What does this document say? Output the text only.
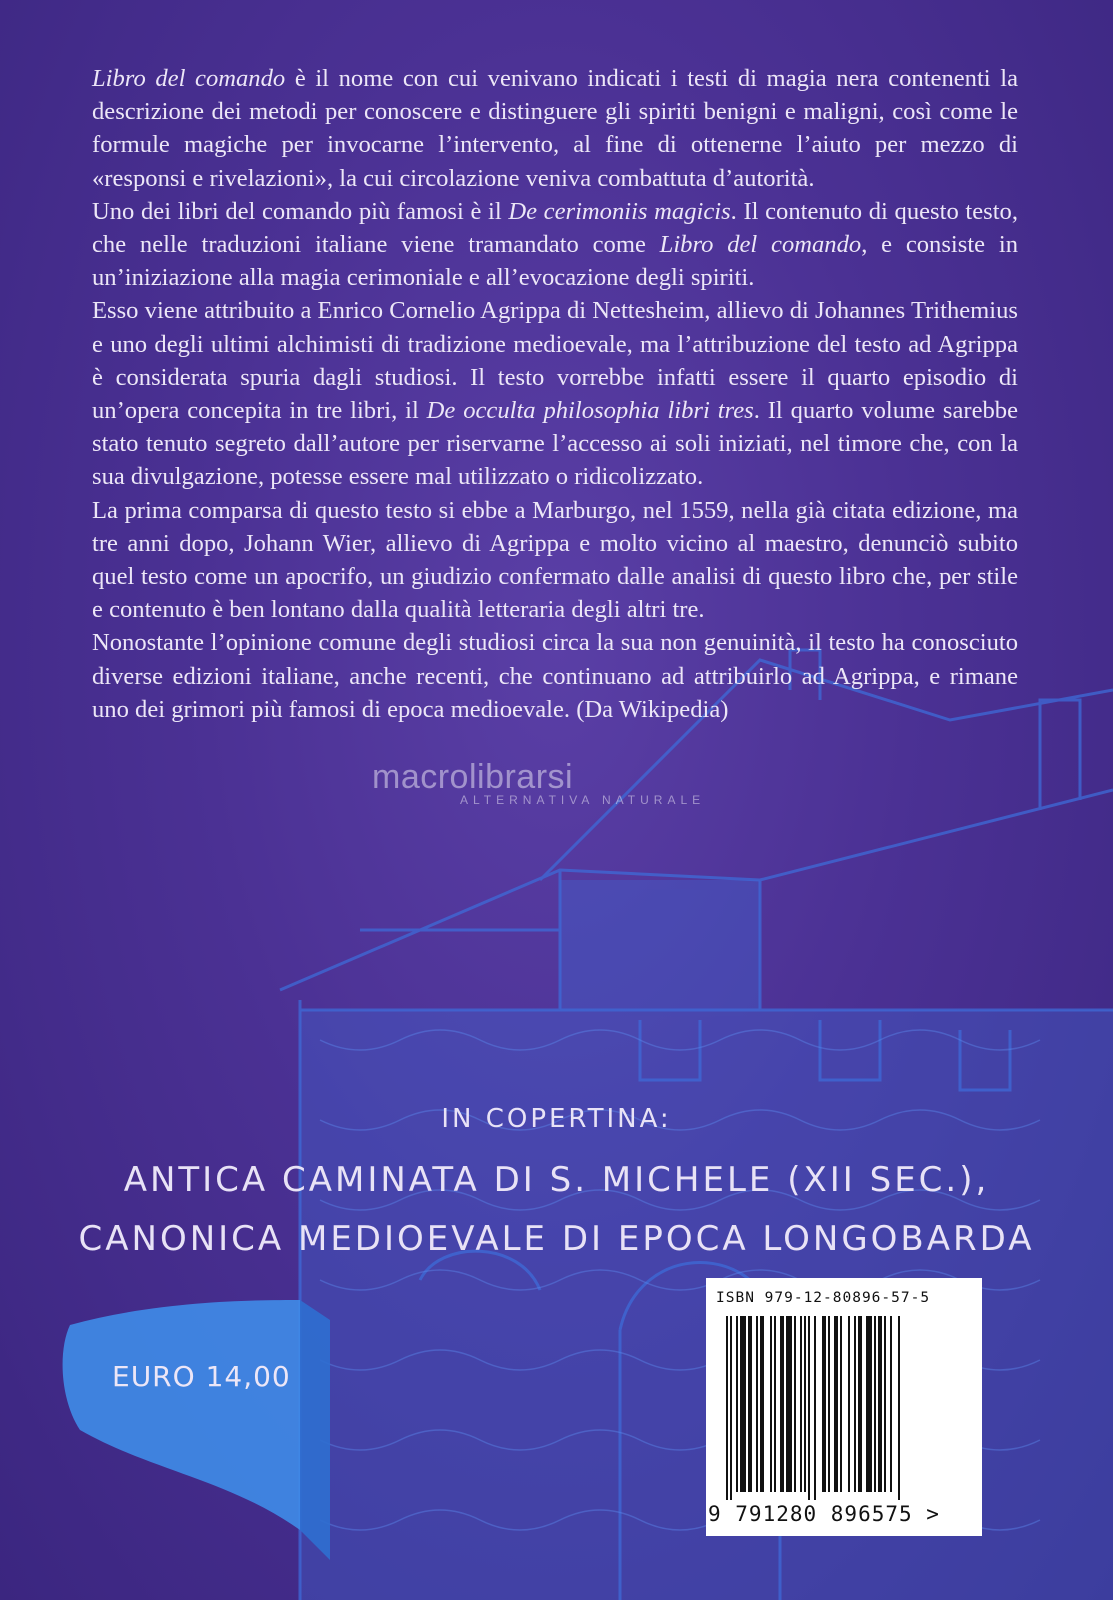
Libro del comando è il nome con cui venivano indicati i testi di magia nera contenenti la descrizione dei metodi per conoscere e distinguere gli spiriti benigni e maligni, così come le formule magiche per invocarne l’intervento, al fine di ottenerne l’aiuto per mezzo di «responsi e rivelazioni», la cui circolazione veniva combattuta d’autorità.

Uno dei libri del comando più famosi è il De cerimoniis magicis. Il contenuto di questo testo, che nelle traduzioni italiane viene tramandato come Libro del comando, e consiste in un’iniziazione alla magia cerimoniale e all’evocazione degli spiriti.

Esso viene attribuito a Enrico Cornelio Agrippa di Nettesheim, allievo di Johannes Trithemius e uno degli ultimi alchimisti di tradizione medioevale, ma l’attribuzione del testo ad Agrippa è considerata spuria dagli studiosi. Il testo vorrebbe infatti essere il quarto episodio di un’opera concepita in tre libri, il De occulta philosophia libri tres. Il quarto volume sarebbe stato tenuto segreto dall’autore per riservarne l’accesso ai soli iniziati, nel timore che, con la sua divulgazione, potesse essere mal utilizzato o ridicolizzato.

La prima comparsa di questo testo si ebbe a Marburgo, nel 1559, nella già citata edizione, ma tre anni dopo, Johann Wier, allievo di Agrippa e molto vicino al maestro, denunciò subito quel testo come un apocrifo, un giudizio confermato dalle analisi di questo libro che, per stile e contenuto è ben lontano dalla qualità letteraria degli altri tre.

Nonostante l’opinione comune degli studiosi circa la sua non genuinità, il testo ha conosciuto diverse edizioni italiane, anche recenti, che continuano ad attribuirlo ad Agrippa, e rimane uno dei grimori più famosi di epoca medioevale. (Da Wikipedia)

macrolibrarsi
ALTERNATIVA NATURALE
IN COPERTINA:
ANTICA CAMINATA DI S. MICHELE (XII SEC.),
CANONICA MEDIOEVALE DI EPOCA LONGOBARDA
EURO 14,00
ISBN 979-12-80896-57-5
9 791280 896575 >
